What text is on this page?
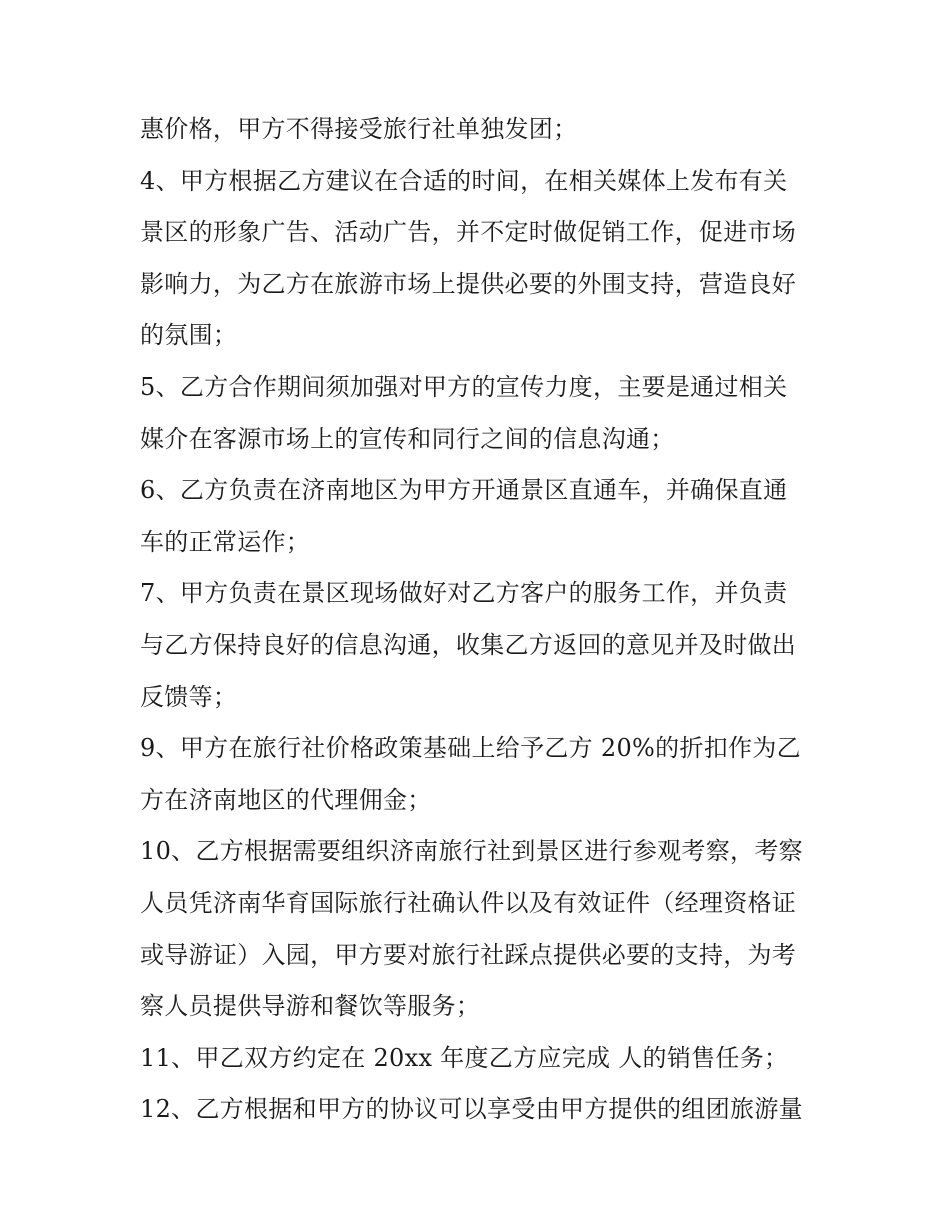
惠价格，甲方不得接受旅行社单独发团；
4、甲方根据乙方建议在合适的时间，在相关媒体上发布有关
景区的形象广告、活动广告，并不定时做促销工作，促进市场
影响力，为乙方在旅游市场上提供必要的外围支持，营造良好
的氛围；
5、乙方合作期间须加强对甲方的宣传力度，主要是通过相关
媒介在客源市场上的宣传和同行之间的信息沟通；
6、乙方负责在济南地区为甲方开通景区直通车，并确保直通
车的正常运作；
7、甲方负责在景区现场做好对乙方客户的服务工作，并负责
与乙方保持良好的信息沟通，收集乙方返回的意见并及时做出
反馈等；
9、甲方在旅行社价格政策基础上给予乙方 20%的折扣作为乙
方在济南地区的代理佣金；
10、乙方根据需要组织济南旅行社到景区进行参观考察，考察
人员凭济南华育国际旅行社确认件以及有效证件（经理资格证
或导游证）入园，甲方要对旅行社踩点提供必要的支持，为考
察人员提供导游和餐饮等服务；
11、甲乙双方约定在 20xx 年度乙方应完成 人的销售任务；
12、乙方根据和甲方的协议可以享受由甲方提供的组团旅游量
